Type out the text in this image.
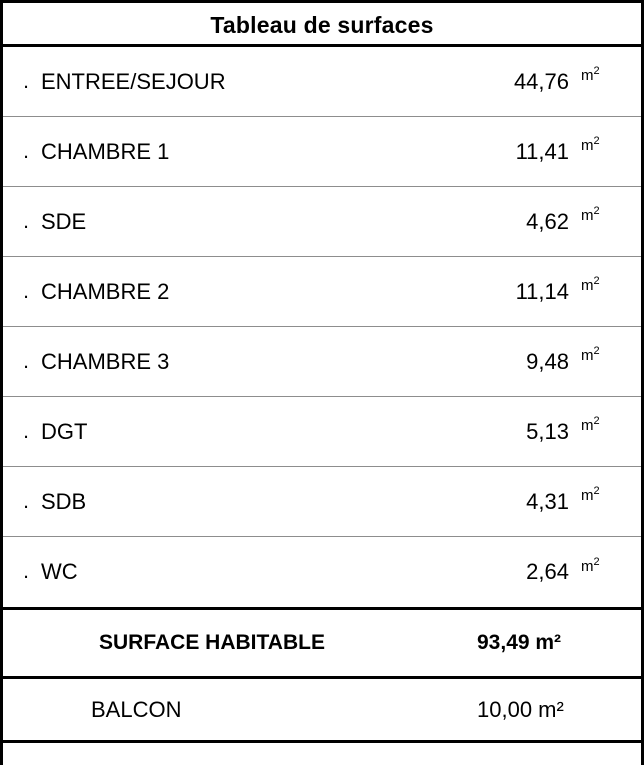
Tableau de surfaces
. ENTREE/SEJOUR	44,76 $m^2$
. CHAMBRE 1	11,41 $m^2$
. SDE	4,62 $m^2$
. CHAMBRE 2	11,14 $m^2$
. CHAMBRE 3	9,48 $m^2$
. DGT	5,13 $m^2$
. SDB	4,31 $m^2$
. WC	2,64 $m^2$
SURFACE HABITABLE	93,49 m²
BALCON	10,00 m²
